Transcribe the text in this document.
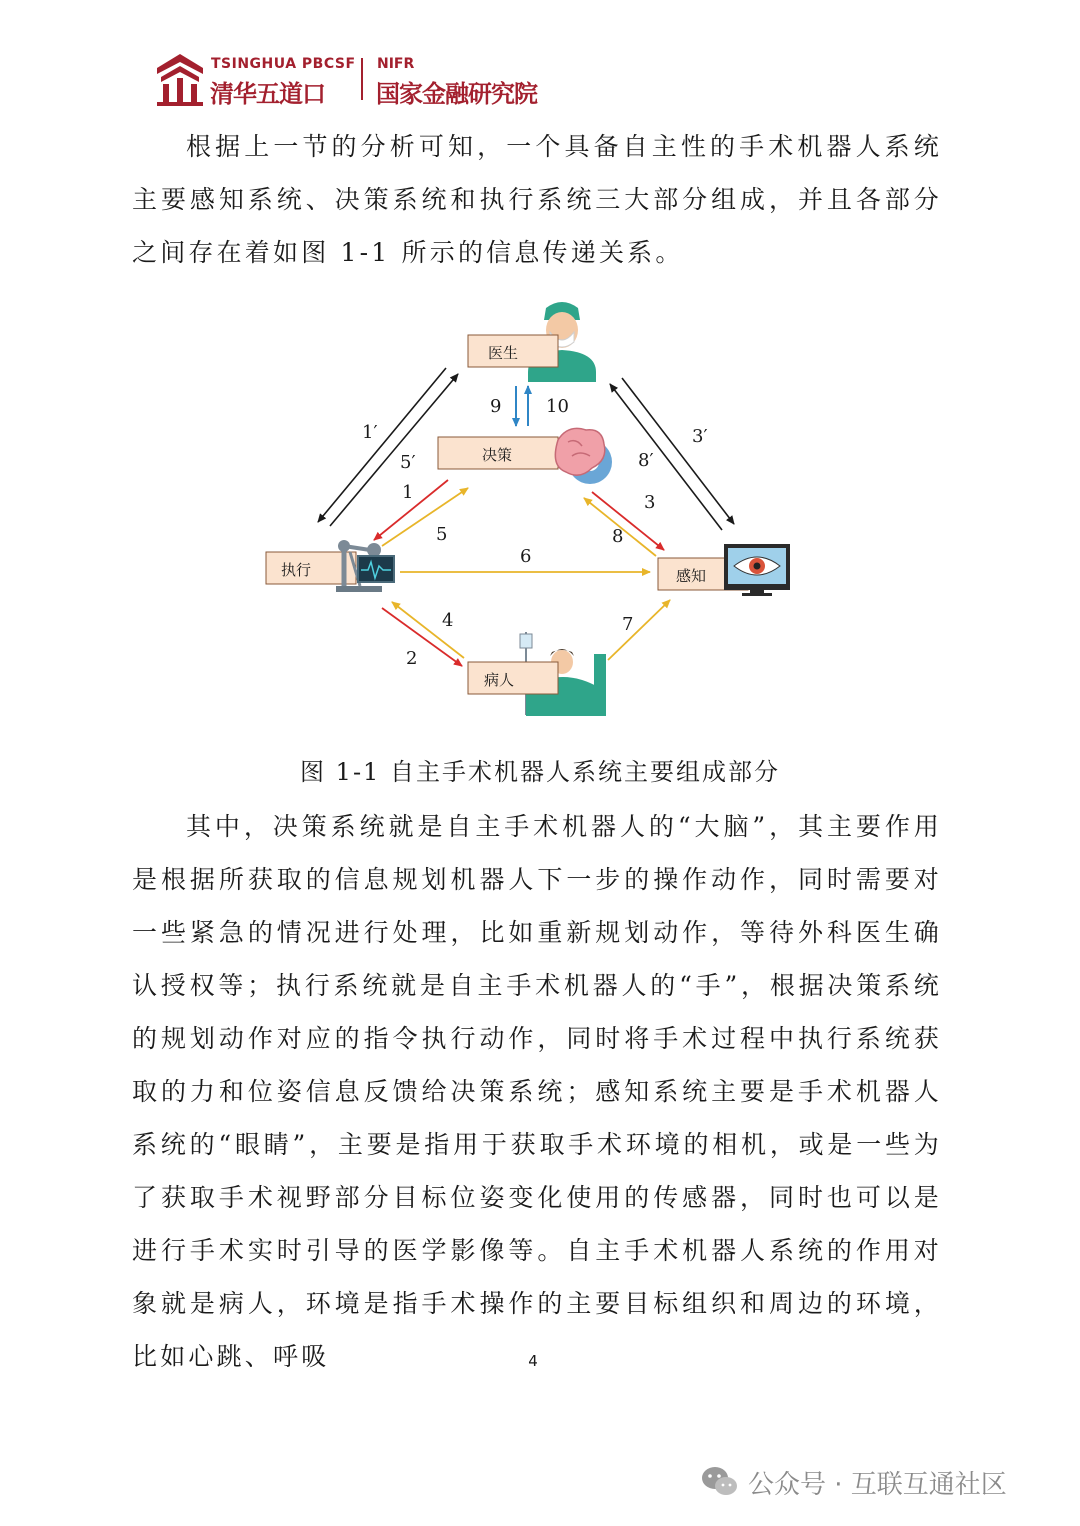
TSINGHUA PBCSF
清华五道口
NIFR
国家金融研究院

根据上一节的分析可知，一个具备自主性的手术机器人系统主要感知系统、决策系统和执行系统三大部分组成，并且各部分之间存在着如图 1-1 所示的信息传递关系。

医生
决策
执行	感知
病人
1′
5′
3′
8′
9 10
1
5
3
8
6
4
2
7
图 1-1 自主手术机器人系统主要组成部分

其中，决策系统就是自主手术机器人的“大脑”，其主要作用是根据所获取的信息规划机器人下一步的操作动作，同时需要对一些紧急的情况进行处理，比如重新规划动作，等待外科医生确认授权等；执行系统就是自主手术机器人的“手”，根据决策系统的规划动作对应的指令执行动作，同时将手术过程中执行系统获取的力和位姿信息反馈给决策系统；感知系统主要是手术机器人系统的“眼睛”，主要是指用于获取手术环境的相机，或是一些为了获取手术视野部分目标位姿变化使用的传感器，同时也可以是进行手术实时引导的医学影像等。自主手术机器人系统的作用对象就是病人，环境是指手术操作的主要目标组织和周边的环境，比如心跳、呼吸	4
公众号 · 互联互通社区
